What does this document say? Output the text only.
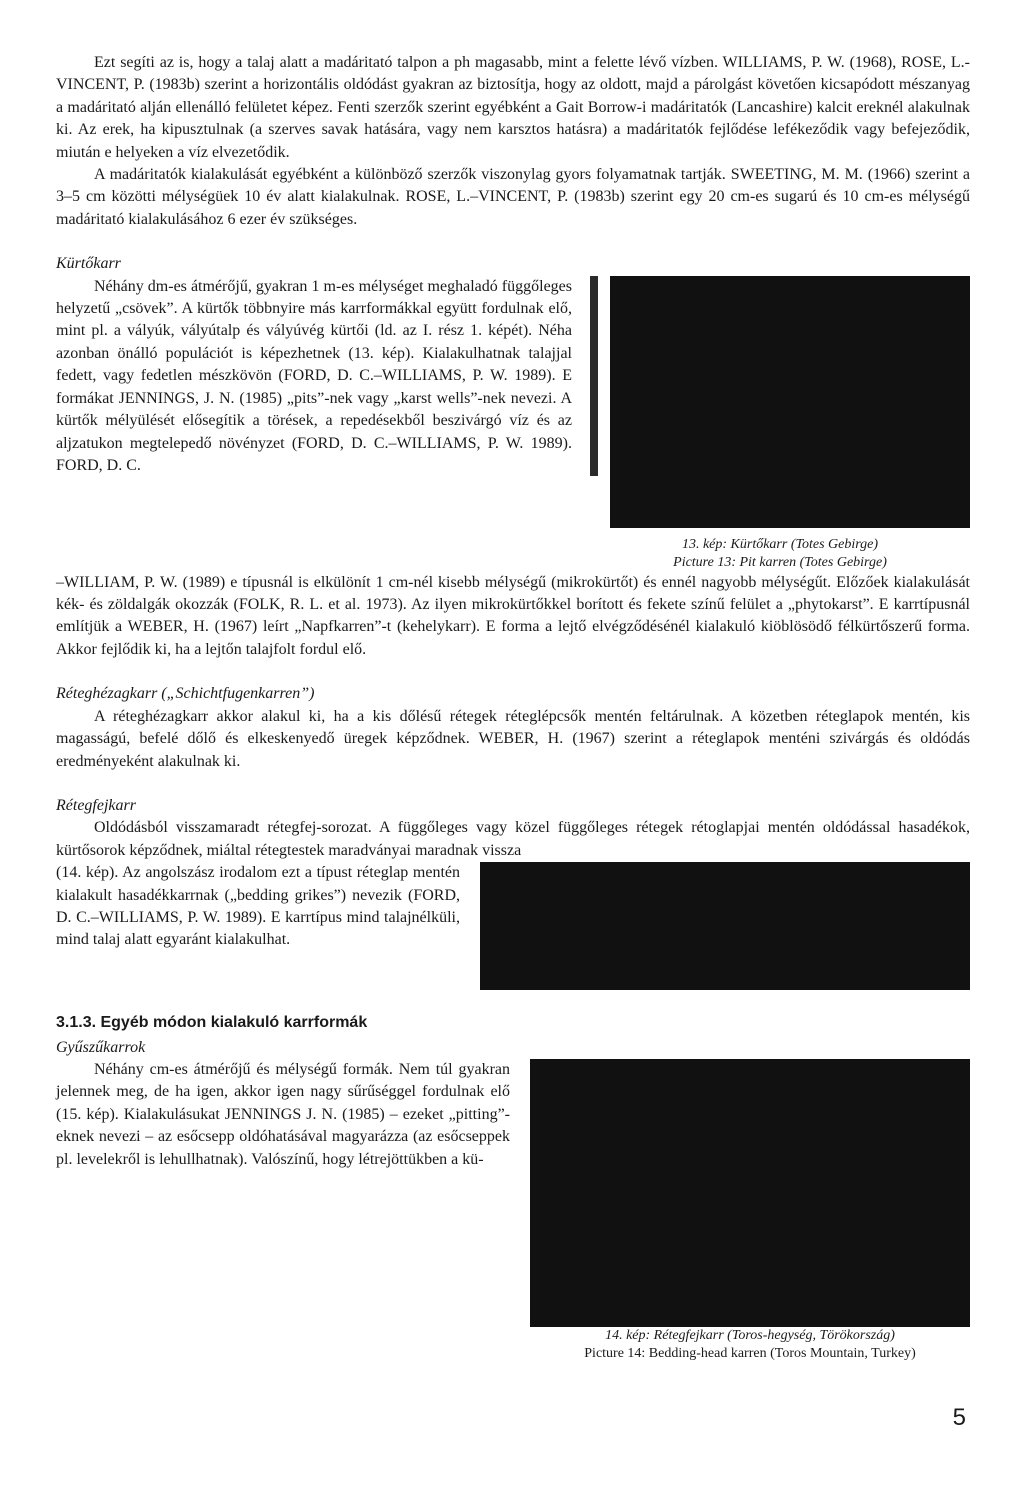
Ezt segíti az is, hogy a talaj alatt a madáritató talpon a ph magasabb, mint a felette lévő vízben. WILLIAMS, P. W. (1968), ROSE, L.-VINCENT, P. (1983b) szerint a horizontális oldódást gyakran az biztosítja, hogy az oldott, majd a párolgást követően kicsapódott mészanyag a madáritató alján ellenálló felületet képez. Fenti szerzők szerint egyébként a Gait Borrow-i madáritatók (Lancashire) kalcit ereknél alakulnak ki. Az erek, ha kipusztulnak (a szerves savak hatására, vagy nem karsztos hatásra) a madáritatók fejlődése lefékeződik vagy befejeződik, miután e helyeken a víz elvezetődik.

A madáritatók kialakulását egyébként a különböző szerzők viszonylag gyors folyamatnak tartják. SWEETING, M. M. (1966) szerint a 3–5 cm közötti mélységüek 10 év alatt kialakulnak. ROSE, L.–VINCENT, P. (1983b) szerint egy 20 cm-es sugarú és 10 cm-es mélységű madáritató kialakulásához 6 ezer év szükséges.

Kürtőkarr

13. kép: Kürtőkarr (Totes Gebirge)
Picture 13: Pit karren (Totes Gebirge)

Néhány dm-es átmérőjű, gyakran 1 m-es mélységet meghaladó függőleges helyzetű „csövek”. A kürtők többnyire más karrformákkal együtt fordulnak elő, mint pl. a vályúk, vályútalp és vályúvég kürtői (ld. az I. rész 1. képét). Néha azonban önálló populációt is képezhetnek (13. kép). Kialakulhatnak talajjal fedett, vagy fedetlen mészkövön (FORD, D. C.–WILLIAMS, P. W. 1989). E formákat JENNINGS, J. N. (1985) „pits”-nek vagy „karst wells”-nek nevezi. A kürtők mélyülését elősegítik a törések, a repedésekből beszivárgó víz és az aljzatukon megtelepedő növényzet (FORD, D. C.–WILLIAMS, P. W. 1989). FORD, D. C.

–WILLIAM, P. W. (1989) e típusnál is elkülönít 1 cm-nél kisebb mélységű (mikrokürtőt) és ennél nagyobb mélységűt. Előzőek kialakulását kék- és zöldalgák okozzák (FOLK, R. L. et al. 1973). Az ilyen mikrokürtőkkel borított és fekete színű felület a „phytokarst”. E karrtípusnál említjük a WEBER, H. (1967) leírt „Napfkarren”-t (kehelykarr). E forma a lejtő elvégződésénél kialakuló kiöblösödő félkürtőszerű forma. Akkor fejlődik ki, ha a lejtőn talajfolt fordul elő.

Réteghézagkarr („Schichtfugenkarren”)

A réteghézagkarr akkor alakul ki, ha a kis dőlésű rétegek réteglépcsők mentén feltárulnak. A közetben réteglapok mentén, kis magasságú, befelé dőlő és elkeskenyedő üregek képződnek. WEBER, H. (1967) szerint a réteglapok menténi szivárgás és oldódás eredményeként alakulnak ki.

Rétegfejkarr

Oldódásból visszamaradt rétegfej-sorozat. A függőleges vagy közel függőleges rétegek rétoglapjai mentén oldódással hasadékok, kürtősorok képződnek, miáltal rétegtestek maradványai maradnak vissza

(14. kép). Az angolszász irodalom ezt a típust réteglap mentén kialakult hasadékkarrnak („bedding grikes”) nevezik (FORD, D. C.–WILLIAMS, P. W. 1989). E karrtípus mind talajnélküli, mind talaj alatt egyaránt kialakulhat.

3.1.3. Egyéb módon kialakuló karrformák

Gyűszűkarrok

14. kép: Rétegfejkarr (Toros-hegység, Törökország)
Picture 14: Bedding-head karren (Toros Mountain, Turkey)

Néhány cm-es átmérőjű és mélységű formák. Nem túl gyakran jelennek meg, de ha igen, akkor igen nagy sűrűséggel fordulnak elő (15. kép). Kialakulásukat JENNINGS J. N. (1985) – ezeket „pitting”-eknek nevezi – az esőcsepp oldóhatásával magyarázza (az esőcseppek pl. levelekről is lehullhatnak). Valószínű, hogy létrejöttükben a kü-

5
